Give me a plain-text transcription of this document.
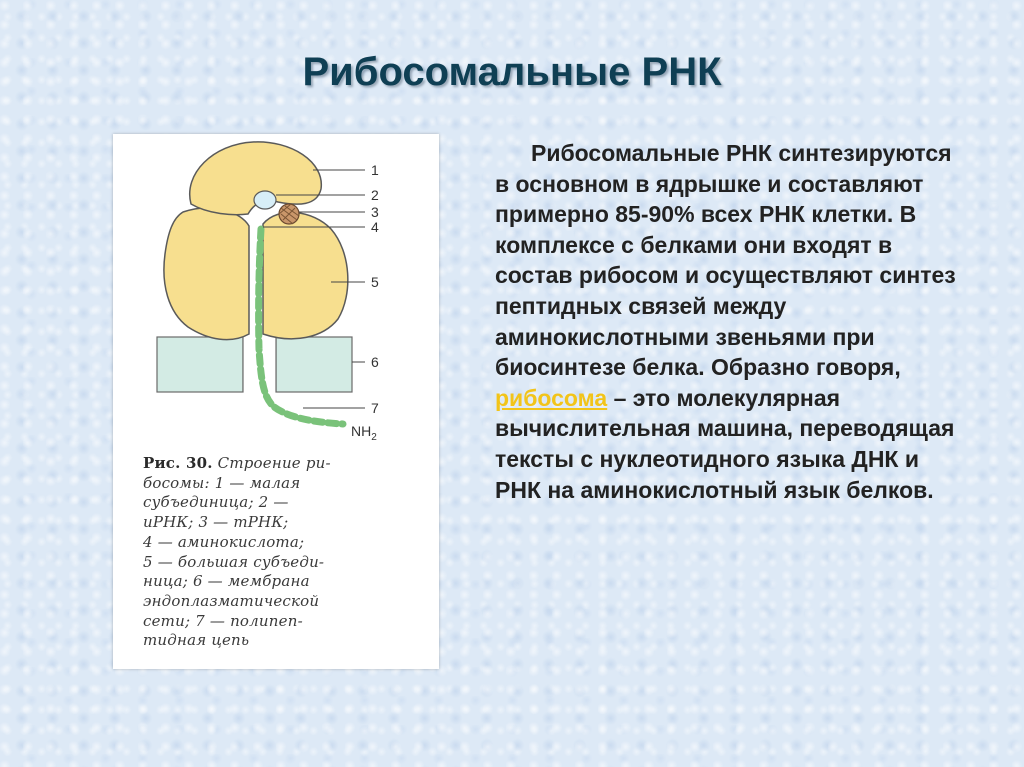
Рибосомальные РНК
1
2
3
4
5
6
7
$NH_2$
Рис. 30. Строение ри-
босомы: 1 — малая
субъединица; 2 —
иРНК; 3 — тРНК;
4 — аминокислота;
5 — большая субъеди-
ница; 6 — мембрана
эндоплазматической
сети; 7 — полипеп-
тидная цепь

Рибосомальные РНК синтезируются в основном в ядрышке и составляют примерно 85-90% всех РНК клетки. В комплексе с белками они входят в состав рибосом и осуществляют синтез пептидных связей между аминокислотными звеньями при биосинтезе белка. Образно говоря, рибосома – это молекулярная вычислительная машина, переводящая тексты с нуклеотидного языка ДНК и РНК на аминокислотный язык белков.
